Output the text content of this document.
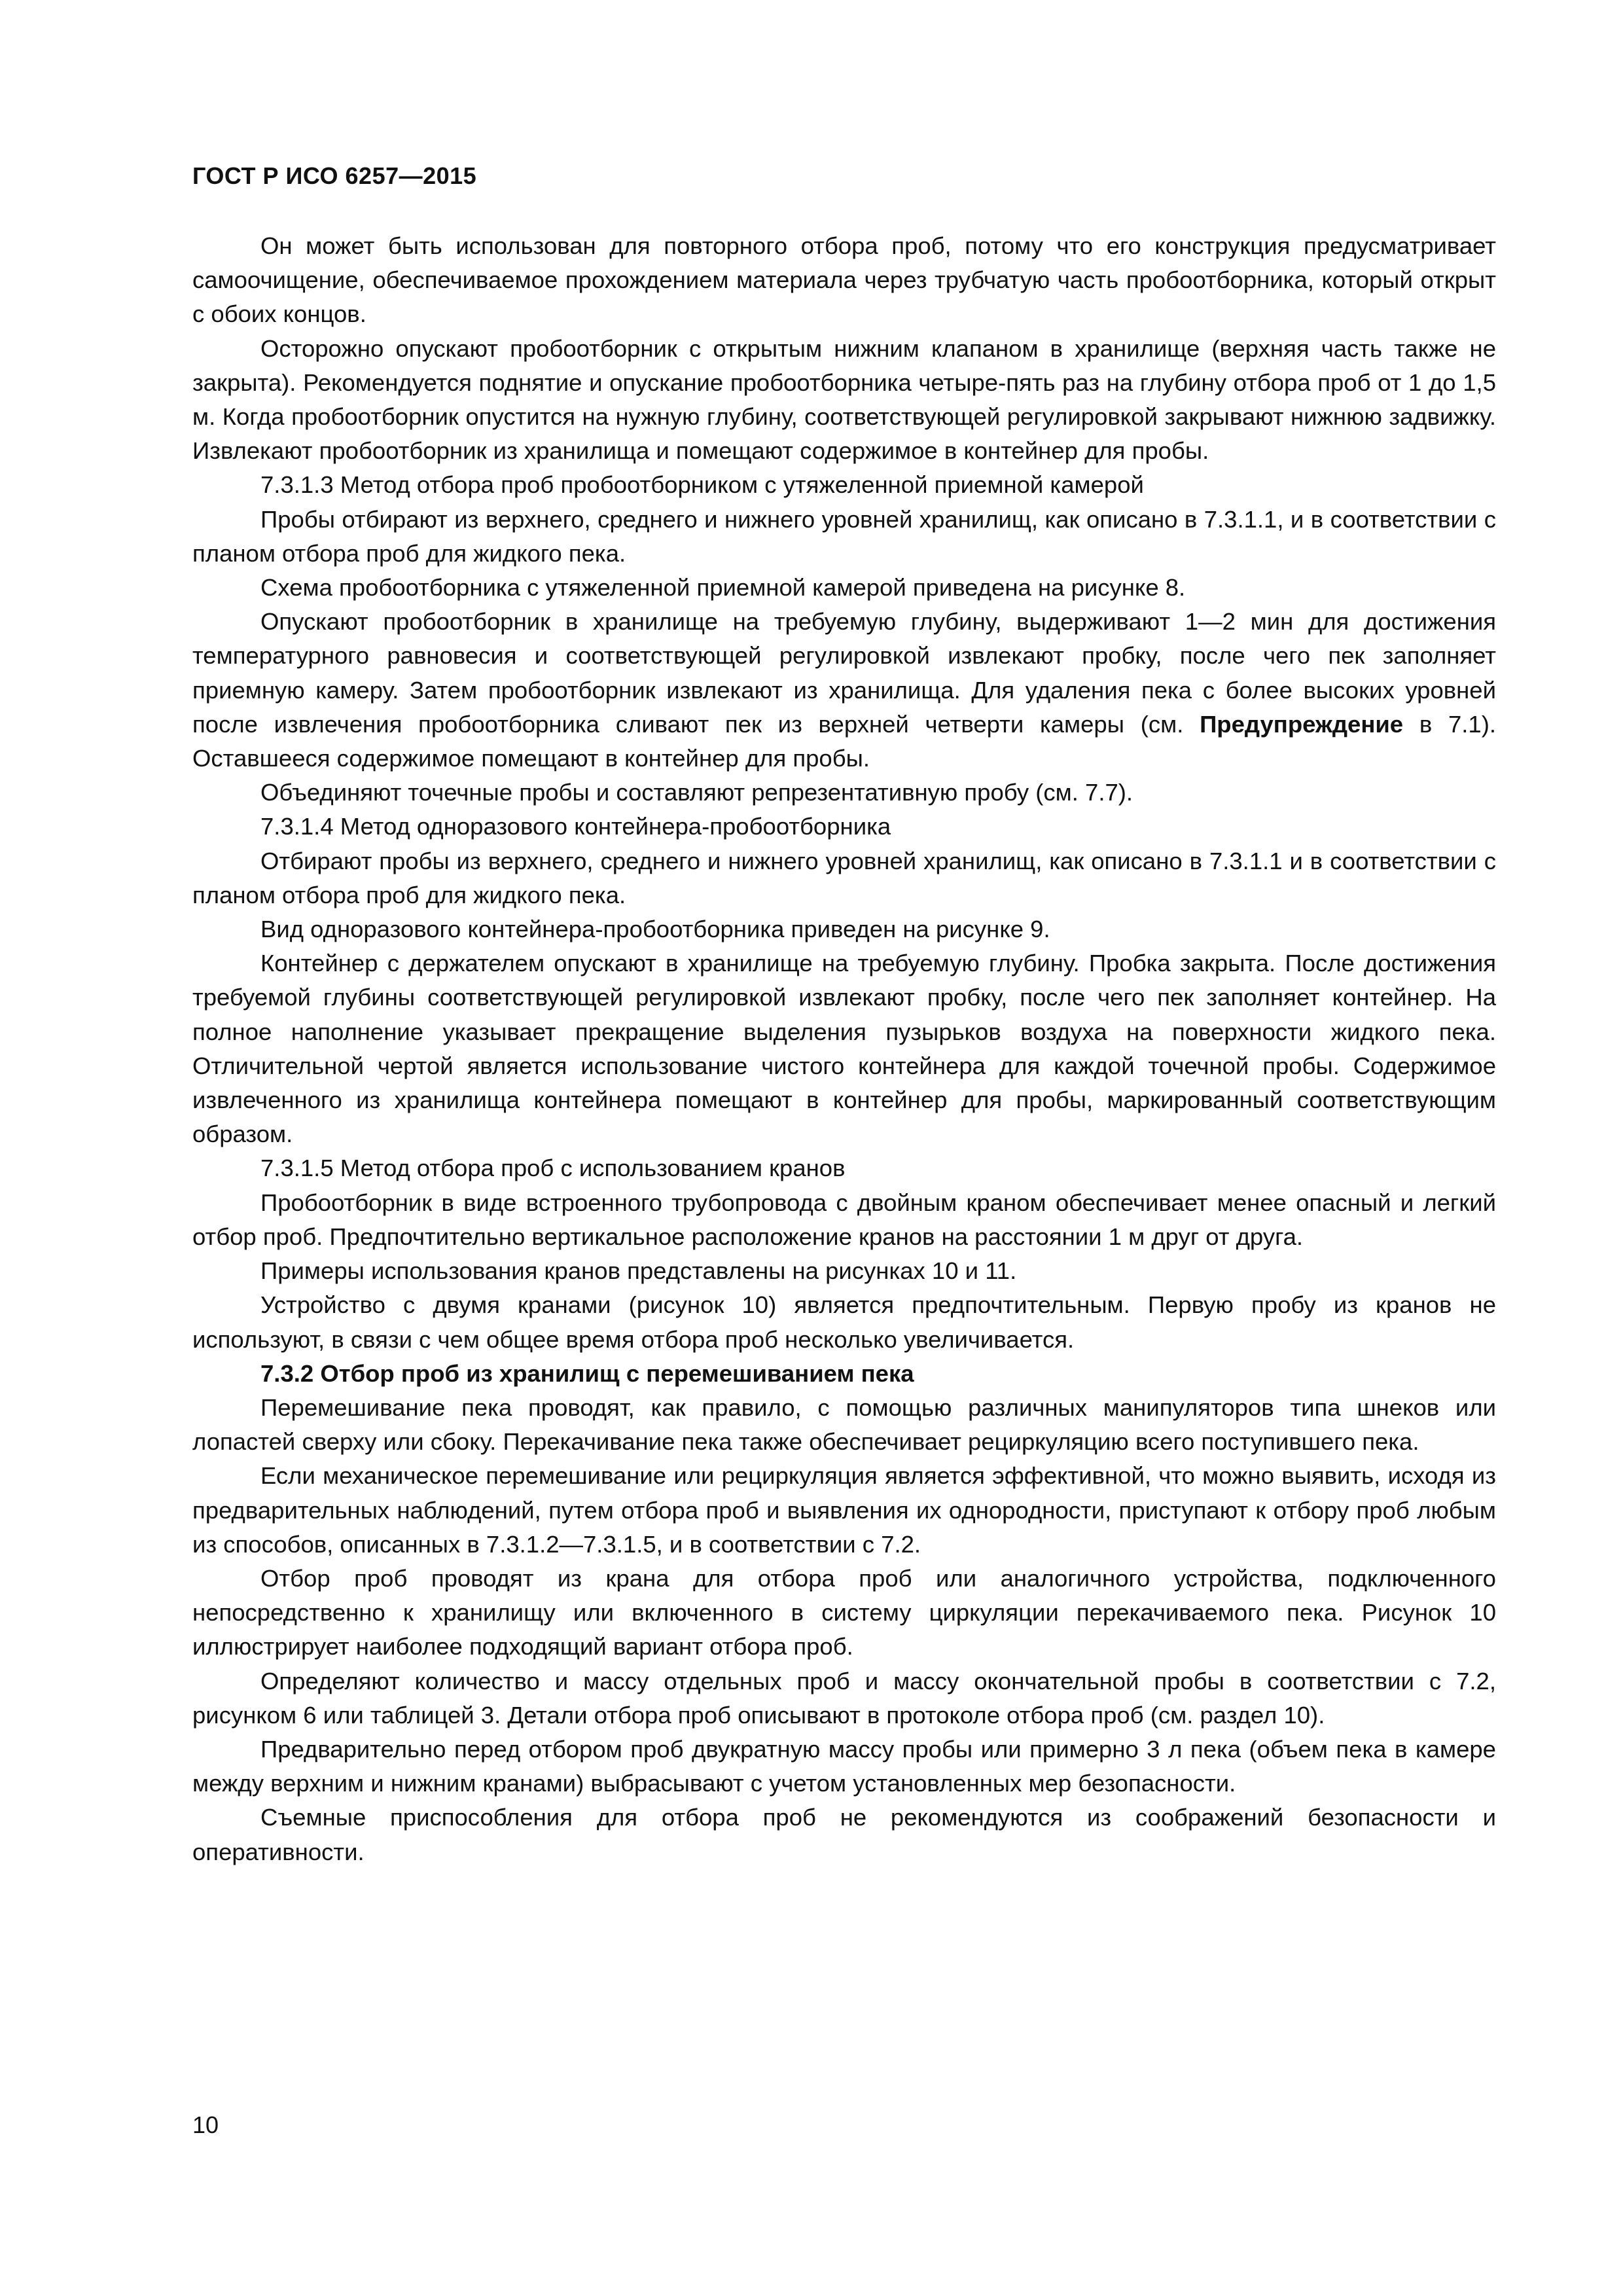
ГОСТ Р ИСО 6257—2015

Он может быть использован для повторного отбора проб, потому что его конструкция предусматривает самоочищение, обеспечиваемое прохождением материала через трубчатую часть пробоотборника, который открыт с обоих концов.

Осторожно опускают пробоотборник с открытым нижним клапаном в хранилище (верхняя часть также не закрыта). Рекомендуется поднятие и опускание пробоотборника четыре-пять раз на глубину отбора проб от 1 до 1,5 м. Когда пробоотборник опустится на нужную глубину, соответствующей регулировкой закрывают нижнюю задвижку. Извлекают пробоотборник из хранилища и помещают содержимое в контейнер для пробы.

7.3.1.3 Метод отбора проб пробоотборником с утяжеленной приемной камерой

Пробы отбирают из верхнего, среднего и нижнего уровней хранилищ, как описано в 7.3.1.1, и в соответствии с планом отбора проб для жидкого пека.

Схема пробоотборника с утяжеленной приемной камерой приведена на рисунке 8.

Опускают пробоотборник в хранилище на требуемую глубину, выдерживают 1—2 мин для достижения температурного равновесия и соответствующей регулировкой извлекают пробку, после чего пек заполняет приемную камеру. Затем пробоотборник извлекают из хранилища. Для удаления пека с более высоких уровней после извлечения пробоотборника сливают пек из верхней четверти камеры (см. Предупреждение в 7.1). Оставшееся содержимое помещают в контейнер для пробы.

Объединяют точечные пробы и составляют репрезентативную пробу (см. 7.7).

7.3.1.4 Метод одноразового контейнера-пробоотборника

Отбирают пробы из верхнего, среднего и нижнего уровней хранилищ, как описано в 7.3.1.1 и в соответствии с планом отбора проб для жидкого пека.

Вид одноразового контейнера-пробоотборника приведен на рисунке 9.

Контейнер с держателем опускают в хранилище на требуемую глубину. Пробка закрыта. После достижения требуемой глубины соответствующей регулировкой извлекают пробку, после чего пек заполняет контейнер. На полное наполнение указывает прекращение выделения пузырьков воздуха на поверхности жидкого пека. Отличительной чертой является использование чистого контейнера для каждой точечной пробы. Содержимое извлеченного из хранилища контейнера помещают в контейнер для пробы, маркированный соответствующим образом.

7.3.1.5 Метод отбора проб с использованием кранов

Пробоотборник в виде встроенного трубопровода с двойным краном обеспечивает менее опасный и легкий отбор проб. Предпочтительно вертикальное расположение кранов на расстоянии 1 м друг от друга.

Примеры использования кранов представлены на рисунках 10 и 11.

Устройство с двумя кранами (рисунок 10) является предпочтительным. Первую пробу из кранов не используют, в связи с чем общее время отбора проб несколько увеличивается.

7.3.2 Отбор проб из хранилищ с перемешиванием пека

Перемешивание пека проводят, как правило, с помощью различных манипуляторов типа шнеков или лопастей сверху или сбоку. Перекачивание пека также обеспечивает рециркуляцию всего поступившего пека.

Если механическое перемешивание или рециркуляция является эффективной, что можно выявить, исходя из предварительных наблюдений, путем отбора проб и выявления их однородности, приступают к отбору проб любым из способов, описанных в 7.3.1.2—7.3.1.5, и в соответствии с 7.2.

Отбор проб проводят из крана для отбора проб или аналогичного устройства, подключенного непосредственно к хранилищу или включенного в систему циркуляции перекачиваемого пека. Рисунок 10 иллюстрирует наиболее подходящий вариант отбора проб.

Определяют количество и массу отдельных проб и массу окончательной пробы в соответствии с 7.2, рисунком 6 или таблицей 3. Детали отбора проб описывают в протоколе отбора проб (см. раздел 10).

Предварительно перед отбором проб двукратную массу пробы или примерно 3 л пека (объем пека в камере между верхним и нижним кранами) выбрасывают с учетом установленных мер безопасности.

Съемные приспособления для отбора проб не рекомендуются из соображений безопасности и оперативности.

10
